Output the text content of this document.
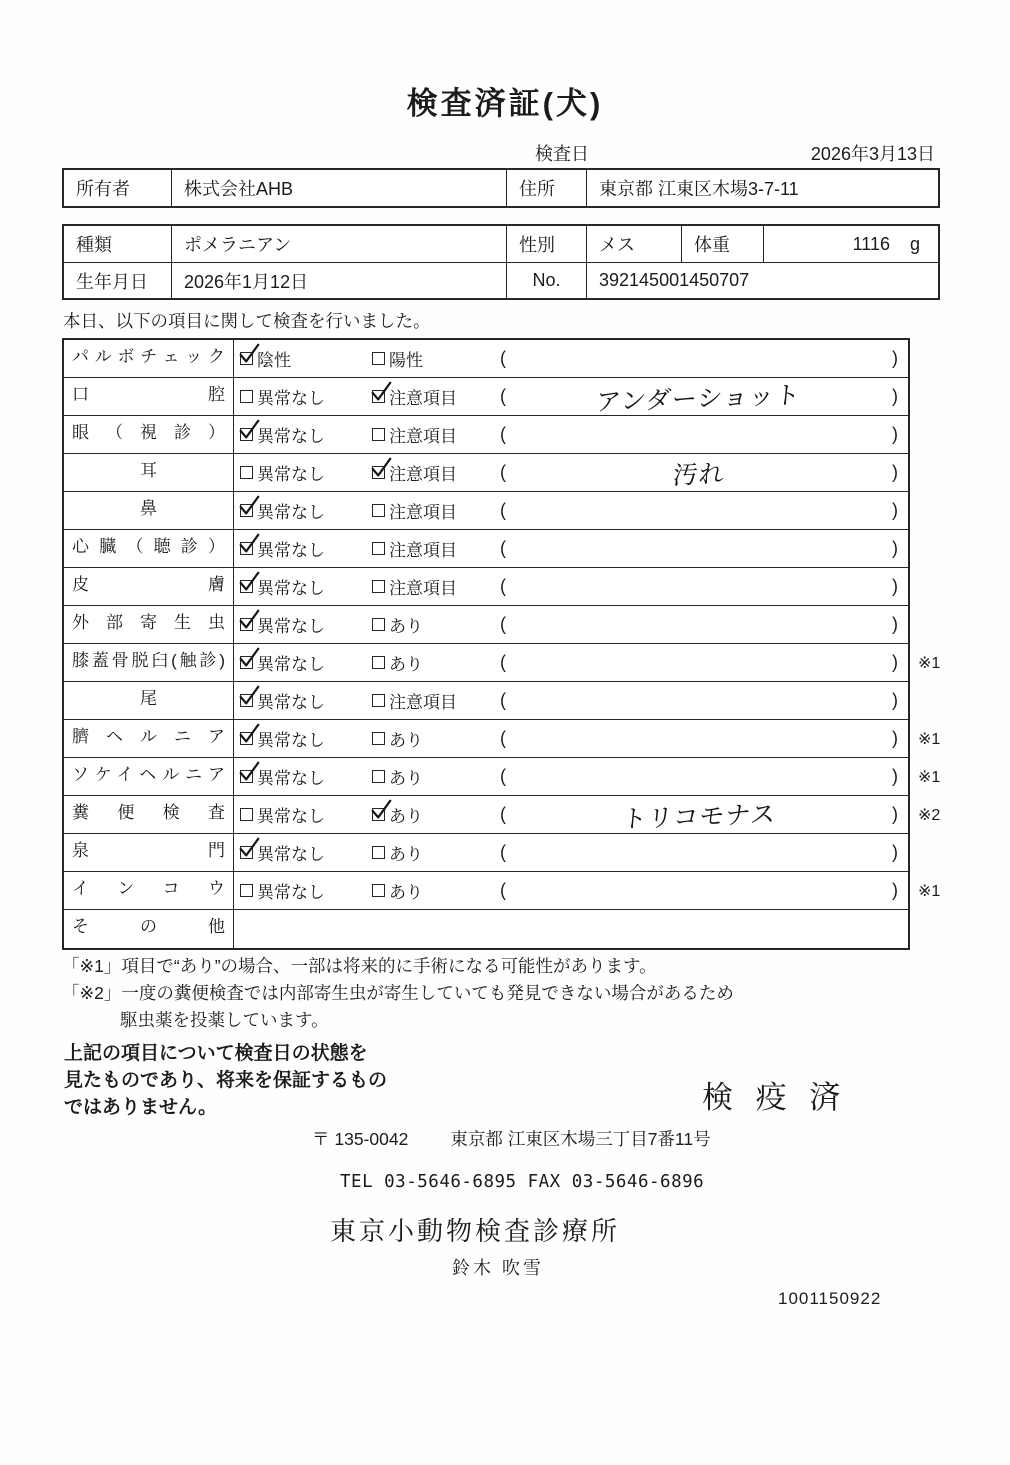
検査済証(犬)
検査日	2026年3月13日
所有者	株式会社AHB	住所	東京都 江東区木場3-7-11
種類	ポメラニアン	性別	メス	体重	1116 g
生年月日	2026年1月12日	No.	392145001450707
本日、以下の項目に関して検査を行いました。
パルボチェック	陰性	陽性	(	)
口腔	異常なし	注意項目 (	アンダーショット	)
眼（視診）	異常なし	注意項目 (	)
耳	異常なし	注意項目 (	汚れ	)
鼻	異常なし	注意項目 (	)
心臓（聴診）	異常なし	注意項目 (	)
皮膚	異常なし	注意項目 (	)
外部寄生虫	異常なし	あり	(	)
膝蓋骨脱臼(触診)	異常なし	あり	(	) ※1
尾	異常なし	注意項目 (	)
臍ヘルニア	異常なし	あり	(	) ※1
ソケイヘルニア	異常なし	あり	(	) ※1
糞便検査	異常なし	あり	(	トリコモナス	) ※2
泉門	異常なし	あり	(	)
インコウ	異常なし	あり	(	) ※1
その他
「※1」項目で“あり”の場合、一部は将来的に手術になる可能性があります。
「※2」一度の糞便検査では内部寄生虫が寄生していても発見できない場合があるため
駆虫薬を投薬しています。
上記の項目について検査日の状態を
見たものであり、将来を保証するもの
ではありません。	検 疫 済
〒 135-0042 東京都 江東区木場三丁目7番11号
TEL 03-5646-6895 FAX 03-5646-6896
東京小動物検査診療所
鈴木 吹雪
1001150922
